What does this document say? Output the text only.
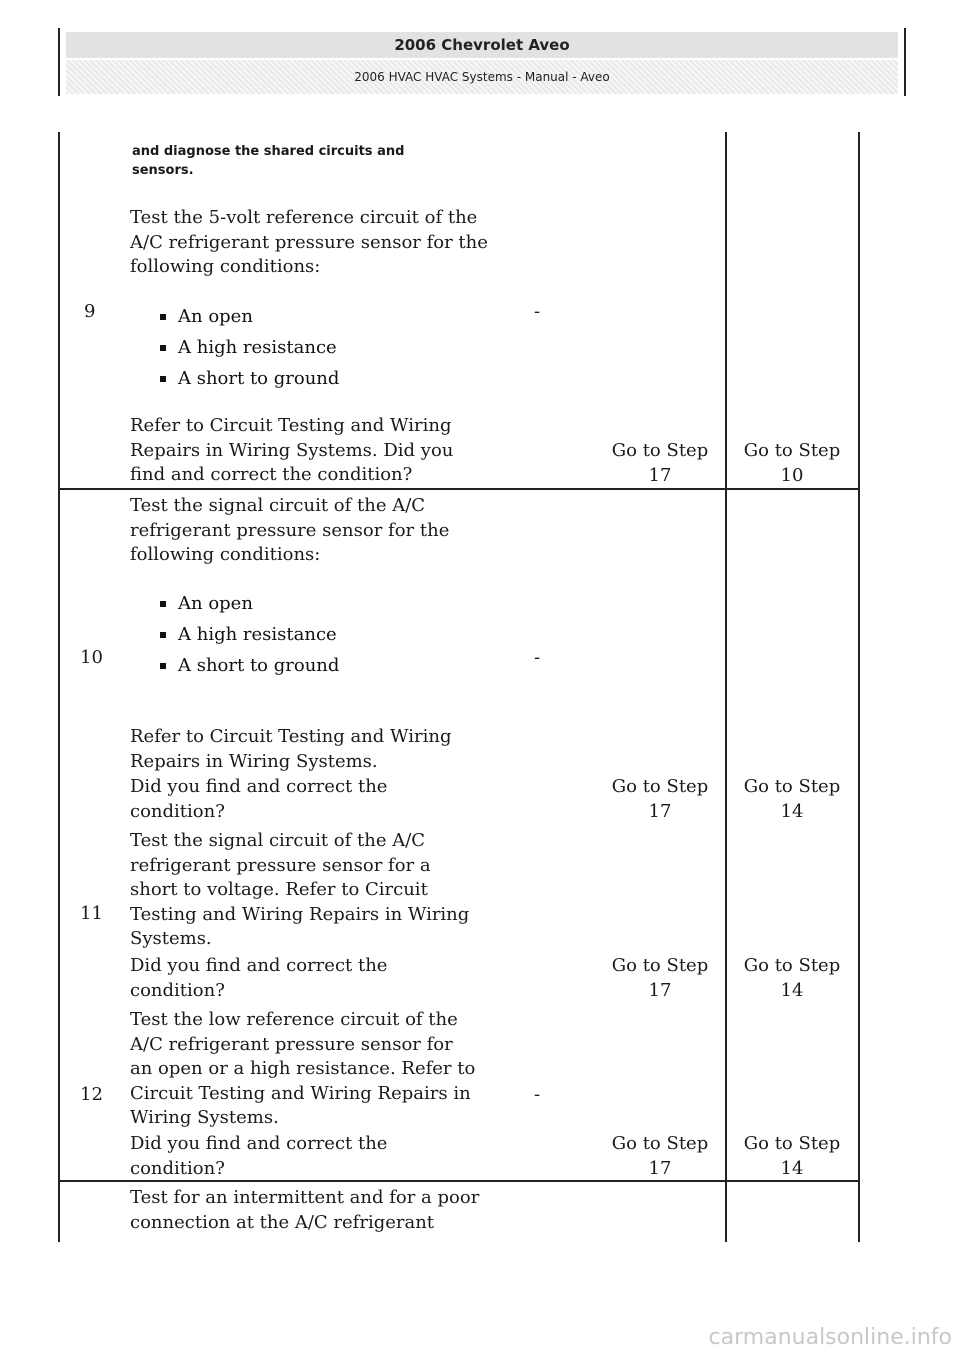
2006 Chevrolet Aveo
2006 HVAC HVAC Systems - Manual - Aveo
and diagnose the shared circuits and sensors.
9
Test the 5-volt reference circuit of the A/C refrigerant pressure sensor for the following conditions:
An open
A high resistance
A short to ground
Refer to Circuit Testing and Wiring Repairs in Wiring Systems. Did you find and correct the condition?
-
Go to Step 17
Go to Step 10
10
Test the signal circuit of the A/C refrigerant pressure sensor for the following conditions:
An open
A high resistance
A short to ground
Refer to Circuit Testing and Wiring Repairs in Wiring Systems.
Did you find and correct the condition?
-
Go to Step 17
Go to Step 14
11
Test the signal circuit of the A/C refrigerant pressure sensor for a short to voltage. Refer to Circuit Testing and Wiring Repairs in Wiring Systems.
Did you find and correct the condition?
Go to Step 17
Go to Step 14
12
Test the low reference circuit of the A/C refrigerant pressure sensor for an open or a high resistance. Refer to Circuit Testing and Wiring Repairs in Wiring Systems.
Did you find and correct the condition?
-
Go to Step 17
Go to Step 14
Test for an intermittent and for a poor connection at the A/C refrigerant
carmanualsonline.info
